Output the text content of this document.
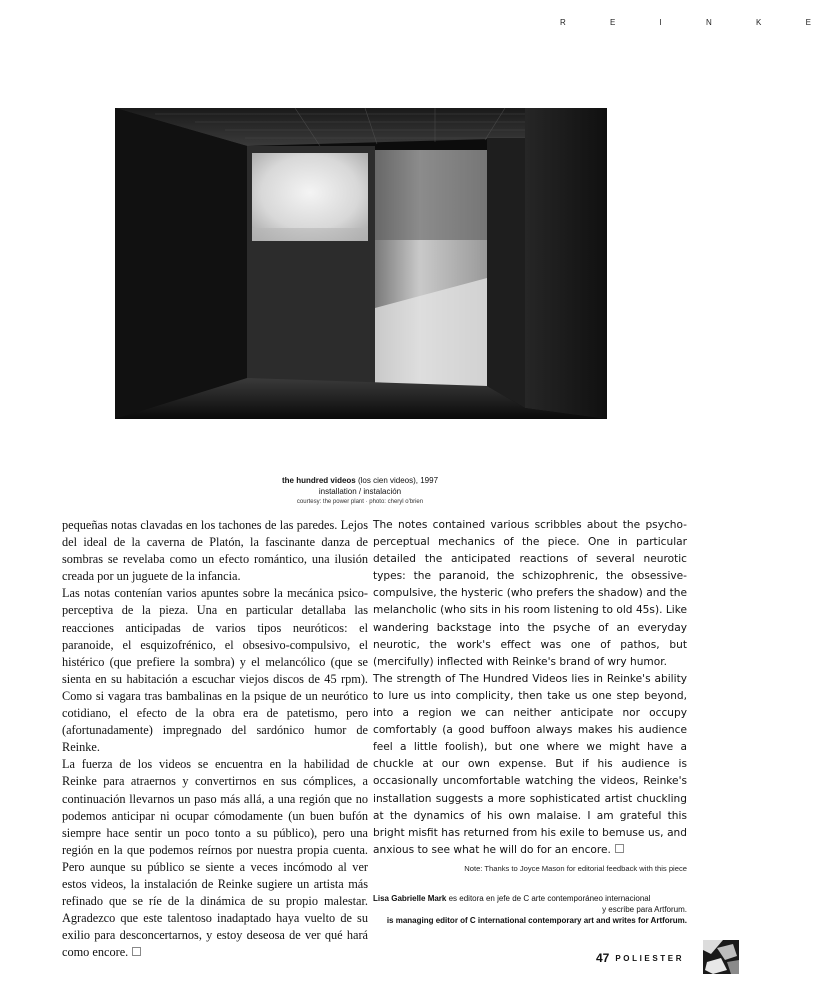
R E I N K E
the hundred videos (los cien videos), 1997
installation / instalación
courtesy: the power plant · photo: cheryl o'brien

pequeñas notas clavadas en los tachones de las paredes. Lejos del ideal de la caverna de Platón, la fascinante danza de sombras se revelaba como un efecto romántico, una ilusión creada por un juguete de la infancia.

Las notas contenían varios apuntes sobre la mecánica psico-perceptiva de la pieza. Una en particular detallaba las reacciones anticipadas de varios tipos neuróticos: el paranoide, el esquizofrénico, el obsesivo-compulsivo, el histérico (que prefiere la sombra) y el melancólico (que se sienta en su habitación a escuchar viejos discos de 45 rpm). Como si vagara tras bambalinas en la psique de un neurótico cotidiano, el efecto de la obra era de patetismo, pero (afortunadamente) impregnado del sardónico humor de Reinke.

La fuerza de los videos se encuentra en la habilidad de Reinke para atraernos y convertirnos en sus cómplices, a continuación llevarnos un paso más allá, a una región que no podemos anticipar ni ocupar cómodamente (un buen bufón siempre hace sentir un poco tonto a su público), pero una región en la que podemos reírnos por nuestra propia cuenta. Pero aunque su público se siente a veces incómodo al ver estos videos, la instalación de Reinke sugiere un artista más refinado que se ríe de la dinámica de su propio malestar. Agradezco que este talentoso inadaptado haya vuelto de su exilio para desconcertarnos, y estoy deseosa de ver qué hará como encore.

The notes contained various scribbles about the psycho-perceptual mechanics of the piece. One in particular detailed the anticipated reactions of several neurotic types: the paranoid, the schizophrenic, the obsessive-compulsive, the hysteric (who prefers the shadow) and the melancholic (who sits in his room listening to old 45s). Like wandering backstage into the psyche of an everyday neurotic, the work's effect was one of pathos, but (mercifully) inflected with Reinke's brand of wry humor.

The strength of The Hundred Videos lies in Reinke's ability to lure us into complicity, then take us one step beyond, into a region we can neither anticipate nor occupy comfortably (a good buffoon always makes his audience feel a little foolish), but one where we might have a chuckle at our own expense. But if his audience is occasionally uncomfortable watching the videos, Reinke's installation suggests a more sophisticated artist chuckling at the dynamics of his own malaise. I am grateful this bright misfit has returned from his exile to bemuse us, and anxious to see what he will do for an encore.

Note: Thanks to Joyce Mason for editorial feedback with this piece
Lisa Gabrielle Mark es editora en jefe de C arte contemporáneo internacional
y escribe para Artforum.
is managing editor of C international contemporary art and writes for Artforum.
47 POLIESTER
